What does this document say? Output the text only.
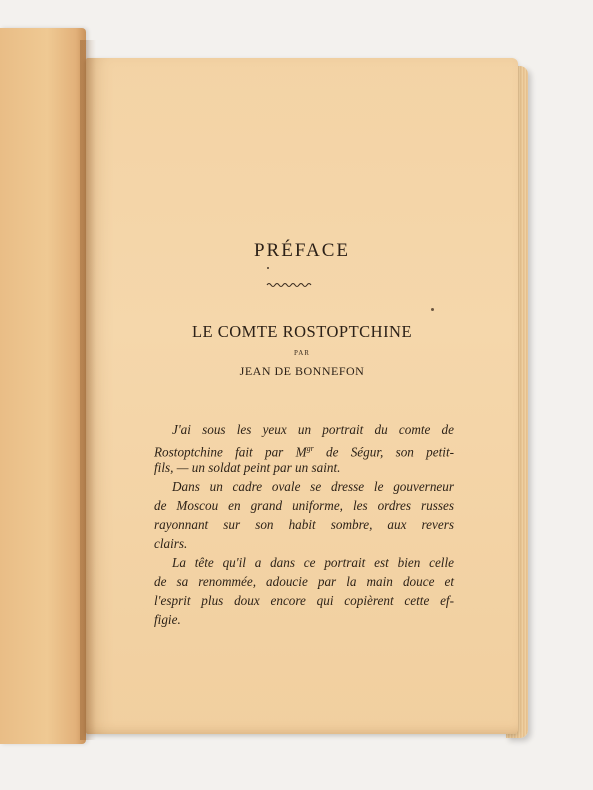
PRÉFACE
LE COMTE ROSTOPTCHINE
PAR
JEAN DE BONNEFON
J'ai sous les yeux un portrait du comte de
Rostoptchine fait par $M^{gr}$ de Ségur, son petit-
fils, — un soldat peint par un saint.
Dans un cadre ovale se dresse le gouverneur
de Moscou en grand uniforme, les ordres russes
rayonnant sur son habit sombre, aux revers
clairs.
La tête qu'il a dans ce portrait est bien celle
de sa renommée, adoucie par la main douce et
l'esprit plus doux encore qui copièrent cette ef-
figie.
